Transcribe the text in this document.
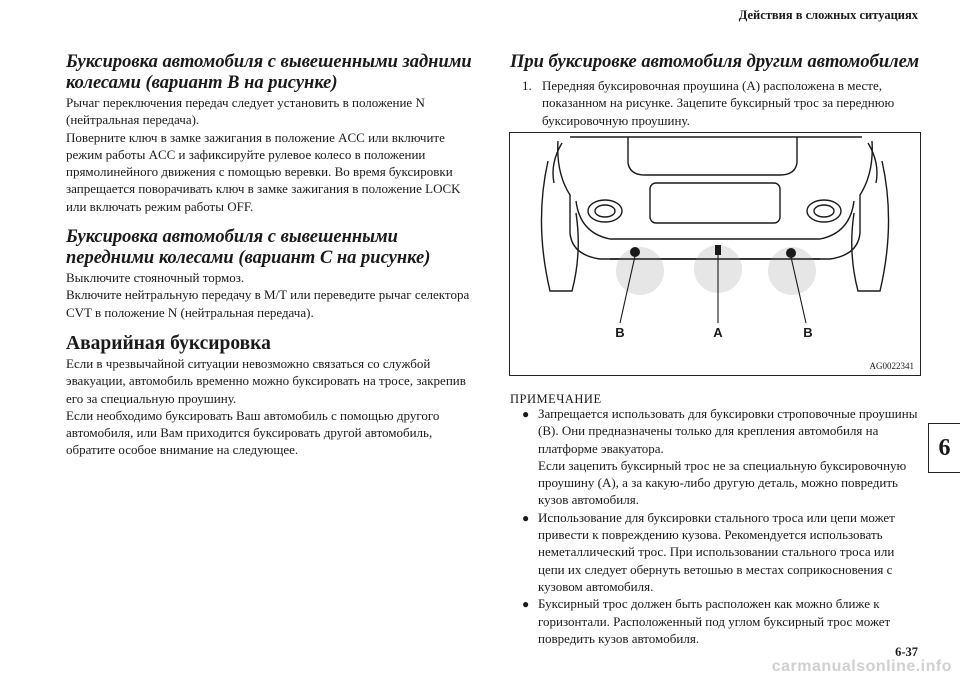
Действия в сложных ситуациях
Буксировка автомобиля с вывешенными задними колесами (вариант B на рисунке)

Рычаг переключения передач следует установить в положение N (нейтральная передача).

Поверните ключ в замке зажигания в положение ACC или включите режим работы ACC и зафиксируйте рулевое колесо в положении прямолинейного движения с помощью веревки. Во время буксировки запрещается поворачивать ключ в замке зажигания в положение LOCK или включать режим работы OFF.

Буксировка автомобиля с вывешенными передними колесами (вариант C на рисунке)

Выключите стояночный тормоз.

Включите нейтральную передачу в M/T или переведите рычаг селектора CVT в положение N (нейтральная передача).

Аварийная буксировка

Если в чрезвычайной ситуации невозможно связаться со службой эвакуации, автомобиль временно можно буксировать на тросе, закрепив его за специальную проушину.

Если необходимо буксировать Ваш автомобиль с помощью другого автомобиля, или Вам приходится буксировать другой автомобиль, обратите особое внимание на следующее.

При буксировке автомобиля другим автомобилем
1. Передняя буксировочная проушина (A) расположена в месте, показанном на рисунке. Зацепите буксирный трос за переднюю буксировочную проушину.
B	A	B
AG0022341
ПРИМЕЧАНИЕ
● Запрещается использовать для буксировки строповочные проушины (B). Они предназначены только для крепления автомобиля на платформе эвакуатора.

Если зацепить буксирный трос не за специальную буксировочную проушину (A), а за какую-либо другую деталь, можно повредить кузов автомобиля.

● Использование для буксировки стального троса или цепи может привести к повреждению кузова. Рекомендуется использовать неметаллический трос. При использовании стального троса или цепи их следует обернуть ветошью в местах соприкосновения с кузовом автомобиля.

● Буксирный трос должен быть расположен как можно ближе к горизонтали. Расположенный под углом буксирный трос может повредить кузов автомобиля.

6
6-37
carmanualsonline.info
